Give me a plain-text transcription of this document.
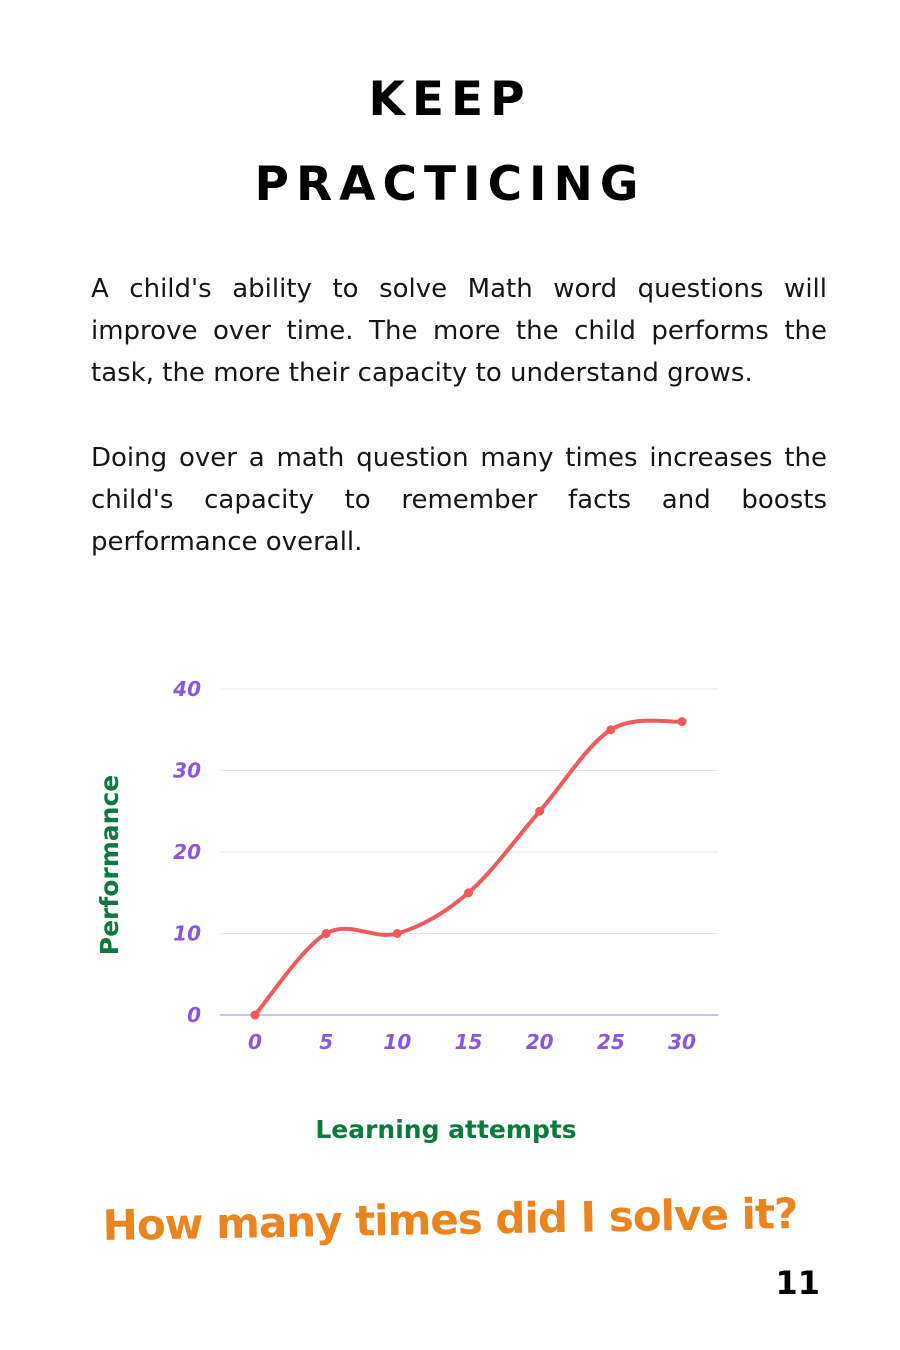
KEEP
PRACTICING

A child's ability to solve Math word questions will improve over time. The more the child performs the task, the more their capacity to understand grows.

Doing over a math question many times increases the child's capacity to remember facts and boosts performance overall.

0
10
20
30
40
0	5	10 15 20 25 30
Performance
Learning attempts
How many times did I solve it?
11
